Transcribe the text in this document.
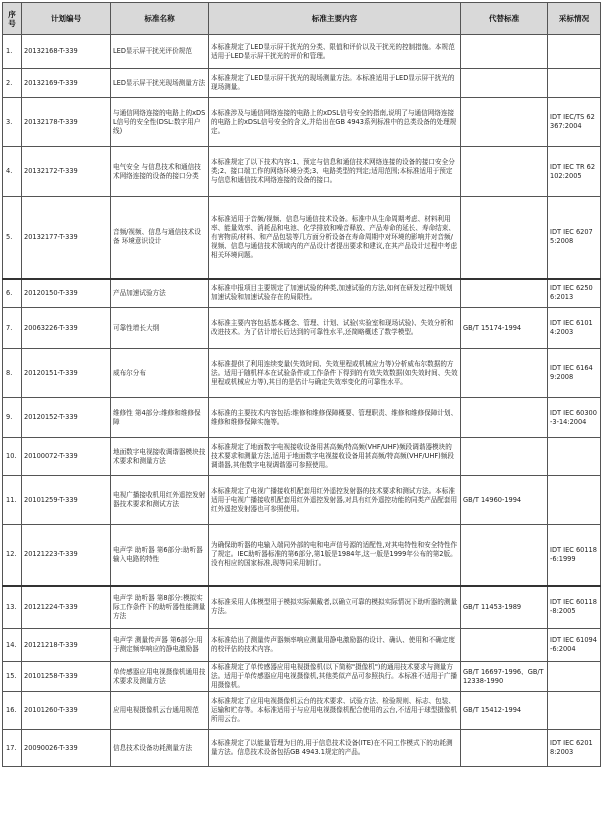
序号	计划编号	标准名称	标准主要内容	代替标准	采标情况
1.	20132168-T-339	LED显示屏干扰光评价规范	本标准规定了LED显示屏干扰光的分类、限值和评价以及干扰光的控制措施。本规范适用于LED显示屏干扰光的评价和管理。		
2.	20132169-T-339	LED显示屏干扰光现场测量方法	本标准规定了LED显示屏干扰光的现场测量方法。本标准适用于LED显示屏干扰光的现场测量。		
3.	20132178-T-339	与通信网络连接的电路上的xDSL信号的安全性(DSL:数字用户线)	本标准涉及与通信网络连接的电路上的xDSL信号安全的指南,说明了与通信网络连接的电路上的xDSL信号安全的含义,并给出在GB 4943系列标准中的总类设备的处理规定。		IDT IEC/TS 62367:2004
4.	20132172-T-339	电气安全 与信息技术和通信技术网络连接的设备的接口分类	本标准规定了以下技术内容:1、预定与信息和通信技术网络连接的设备的接口安全分类;2、接口端工作的网络环境分类;3、电路类型的判定;适用范围;本标准适用于预定与信息和通信技术网络连接的设备的接口。		IDT IEC TR 62102:2005
5.	20132177-T-339	音频/视频、信息与通信技术设备 环境意识设计	本标准适用于音频/视频、信息与通信技术设备。标准中从生命周期考虑、材料利用率、能量效率、消耗品和电池、化学排放和噪音释放、产品寿命的延长、寿命结束、有害物质/材料、和产品包装等几方面分析设备在寿命周期中对环境的影响并对音频/视频、信息与通信技术领域内的产品设计者提出要求和建议,在其产品设计过程中考虑相关环境问题。		IDT IEC 62075:2008
6.	20120150-T-339	产品加速试验方法	本标准申报项目主要规定了加速试验的种类,加速试验的方法,如何在研发过程中规划加速试验和加速试验存在的局限性。		IDT IEC 62506:2013
7.	20063226-T-339	可靠性增长大纲	本标准主要内容包括基本概念、管理、计划、试验(实验室和现场试验)、失效分析和改进技术。为了估计增长后达到的可靠性水平,还简略概述了数学模型。	GB/T 15174-1994	IDT IEC 61014:2003
8.	20120151-T-339	威布尔分布	本标准提供了利用连续变量(失效时间、失效里程或机械应力等)分析威布尔数据的方法。适用于随机样本在试验条件或工作条件下得到的有效失效数据(如失效时间、失效里程或机械应力等),其目的是估计与确定失效率变化的可靠性水平。		IDT IEC 61649:2008
9.	20120152-T-339	维修性 第4部分:维修和维修保障	本标准的主要技术内容包括:维修和维修保障概要、管理职责、维修和维修保障计划、维修和维修保障实施等。		IDT IEC 60300-3-14:2004
10.	20100072-T-339	地面数字电视接收调谐器模块技术要求和测量方法	本标准规定了地面数字电视接收设备用甚高频/特高频(VHF/UHF)频段调谐器模块的技术要求和测量方法,适用于地面数字电视接收设备用甚高频/特高频(VHF/UHF)频段调谐器,其他数字电视调谐器可参照使用。		
11.	20101259-T-339	电视广播接收机用红外遥控发射器技术要求和测试方法	本标准规定了电视广播接收机配套用红外遥控发射器的技术要求和测试方法。本标准适用于电视广播接收机配套用红外遥控发射器,对具有红外遥控功能的同类产品配套用红外遥控发射器也可参照使用。	GB/T 14960-1994	
12.	20121223-T-339	电声学 助听器 第6部分:助听器输入电路的特性	为确保助听器的电输入端同外部的电和电声信号源的适配性,对其电特性和安全特性作了规定。IEC助听器标准的第6部分,第1版是1984年,这一版是1999年公布的第2版。没有相应的国家标准,现等同采用制订。		IDT IEC 60118-6:1999
13.	20121224-T-339	电声学 助听器 第8部分:模拟实际工作条件下的助听器性能测量方法	本标准采用人体模型用于模拟实际佩戴者,以确立可靠的模拟实际情况下助听器的测量方法。	GB/T 11453-1989	IDT IEC 60118-8:2005
14.	20121218-T-339	电声学 测量传声器 第6部分:用于测定频率响应的静电激励器	本标准给出了测量传声器频率响应测量用静电激励器的设计、确认、使用和不确定度的校评估的技术内容。		IDT IEC 61094-6:2004
15.	20101258-T-339	单传感器应用电视摄像机通用技术要求及测量方法	本标准规定了单传感器应用电视摄像机(以下简称"摄像机")的通用技术要求与测量方法。适用于单传感器应用电视摄像机,其他类似产品可参照执行。本标准不适用于广播用摄像机。	GB/T 16697-1996、GB/T 12338-1990	
16.	20101260-T-339	应用电视摄像机云台通用规范	本标准规定了应用电视摄像机云台的技术要求、试验方法、检验规则、标志、包装、运输和贮存等。本标准适用于与应用电视摄像机配合使用的云台,不适用于球型摄像机所用云台。	GB/T 15412-1994	
17.	20090026-T-339	信息技术设备功耗测量方法	本标准规定了以能量管理为目的,用于信息技术设备(ITE)在不同工作模式下的功耗测量方法。信息技术设备包括GB 4943.1规定的产品。		IDT IEC 62018:2003
